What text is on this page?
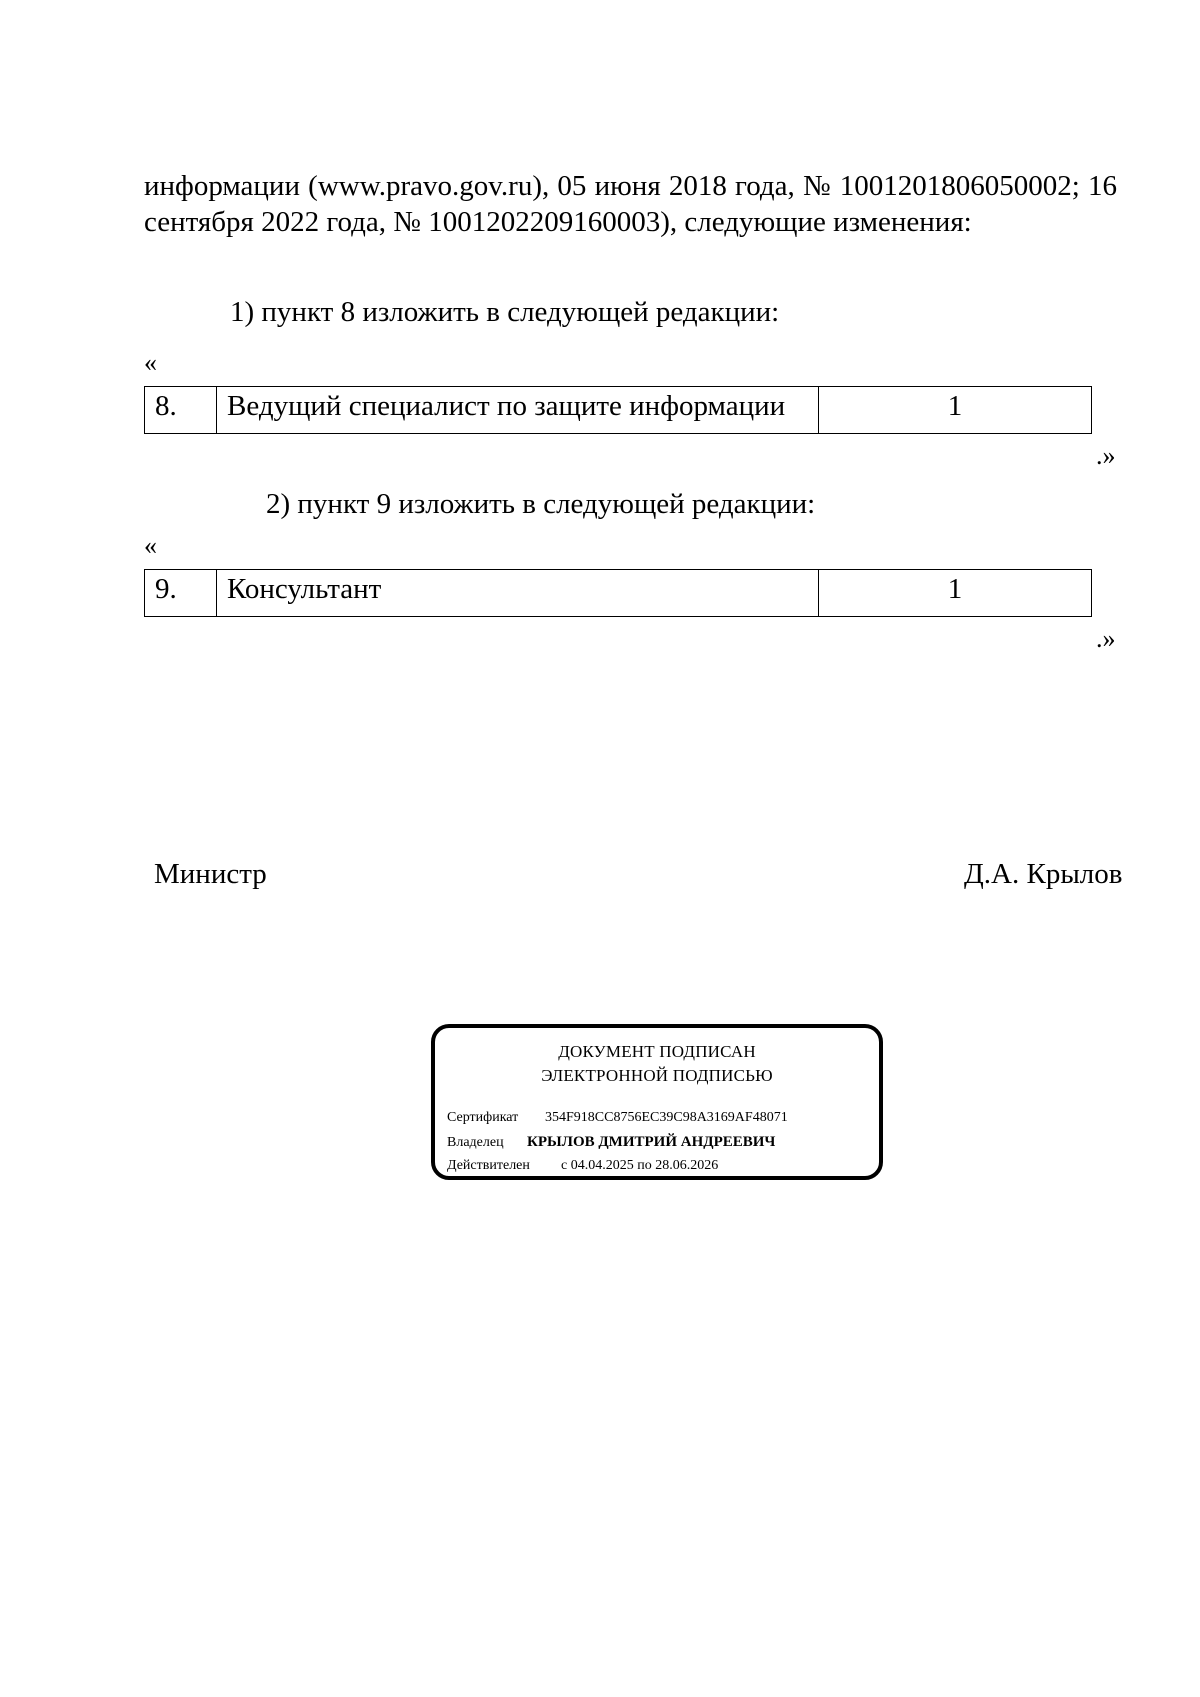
информации (www.pravo.gov.ru), 05 июня 2018 года, № 1001201806050002; 16 сентября 2022 года, № 1001202209160003), следующие изменения:
1) пункт 8 изложить в следующей редакции:
«
8.	Ведущий специалист по защите информации	1
.»
2) пункт 9 изложить в следующей редакции:
«
9.	Консультант	1
.»
Министр	Д.А. Крылов
ДОКУМЕНТ ПОДПИСАН
ЭЛЕКТРОННОЙ ПОДПИСЬЮ
Сертификат 354F918CC8756EC39C98A3169AF48071
Владелец КРЫЛОВ ДМИТРИЙ АНДРЕЕВИЧ
Действителен с 04.04.2025 по 28.06.2026
